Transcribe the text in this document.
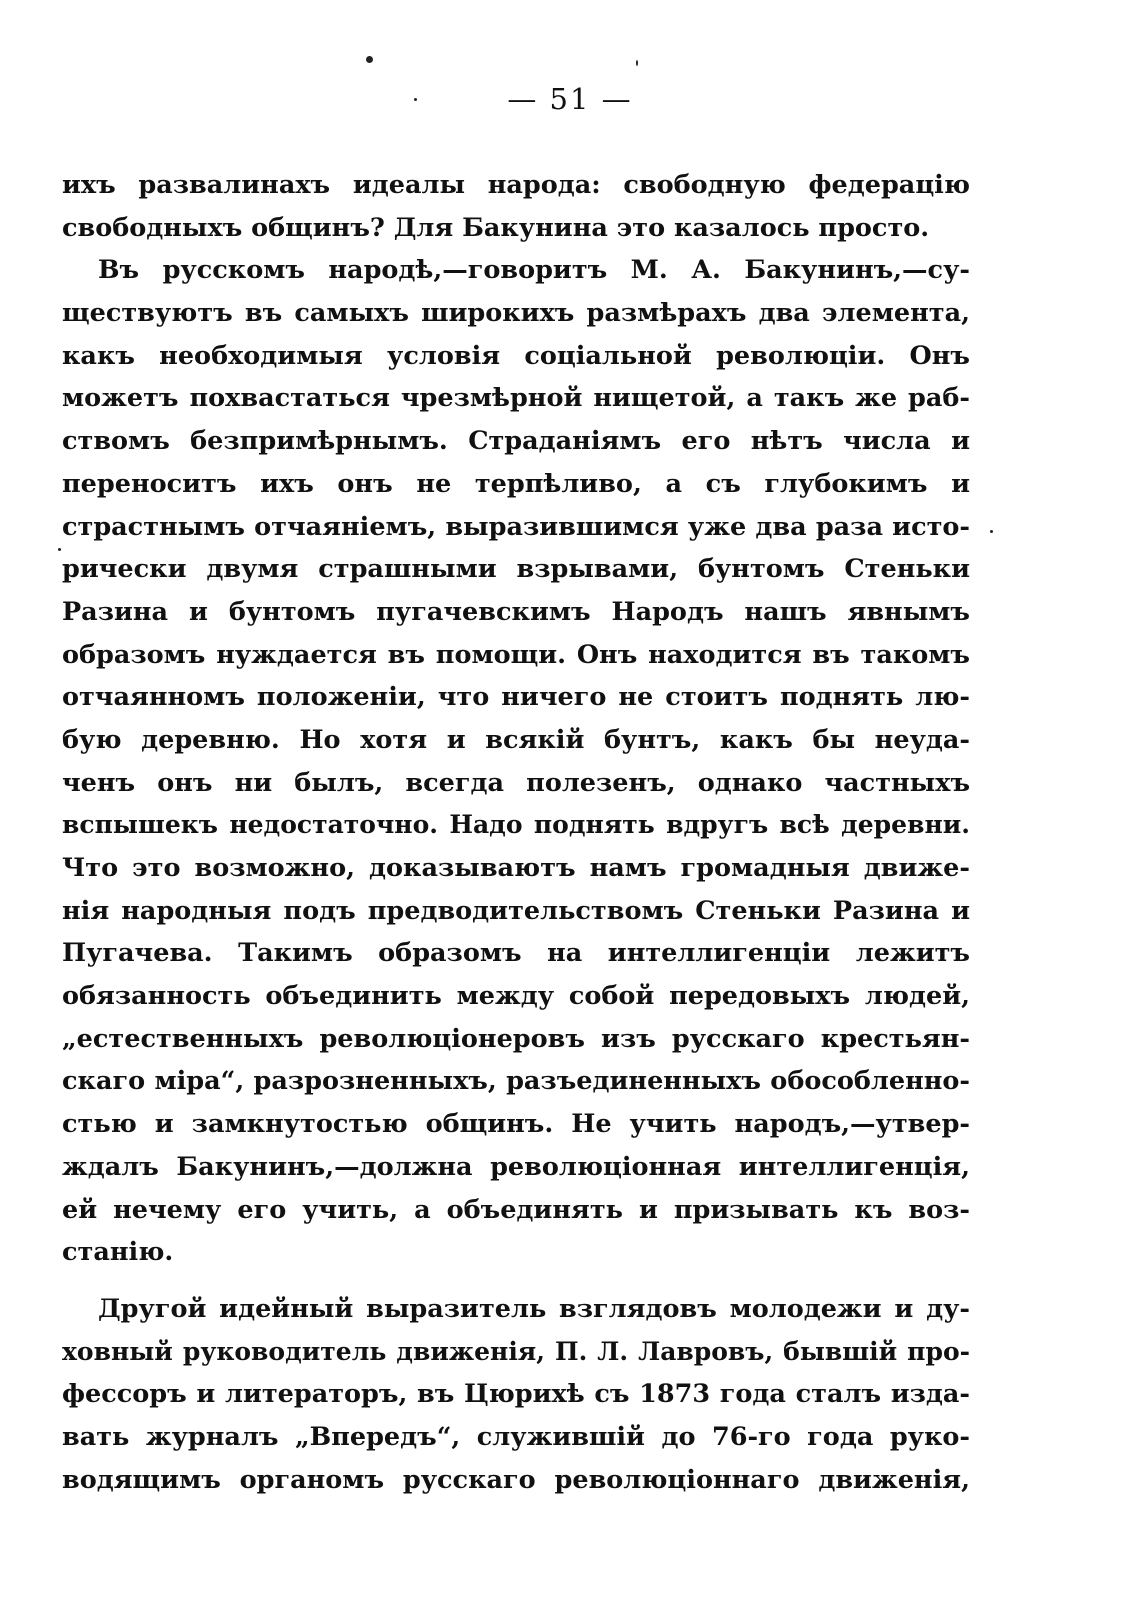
— 51 —
ихъ развалинахъ идеалы народа: свободную федерацію
свободныхъ общинъ? Для Бакунина это казалось просто.
Въ русскомъ народѣ,—говоритъ М. А. Бакунинъ,—су-
ществуютъ въ самыхъ широкихъ размѣрахъ два элемента,
какъ необходимыя условія соціальной революціи. Онъ
можетъ похвастаться чрезмѣрной нищетой, а такъ же раб-
ствомъ безпримѣрнымъ. Страданіямъ его нѣтъ числа и
переноситъ ихъ онъ не терпѣливо, а съ глубокимъ и
страстнымъ отчаяніемъ, выразившимся уже два раза исто-
рически двумя страшными взрывами, бунтомъ Стеньки
Разина и бунтомъ пугачевскимъ Народъ нашъ явнымъ
образомъ нуждается въ помощи. Онъ находится въ такомъ
отчаянномъ положеніи, что ничего не стоитъ поднять лю-
бую деревню. Но хотя и всякій бунтъ, какъ бы неуда-
ченъ онъ ни былъ, всегда полезенъ, однако частныхъ
вспышекъ недостаточно. Надо поднять вдругъ всѣ деревни.
Что это возможно, доказываютъ намъ громадныя движе-
нія народныя подъ предводительствомъ Стеньки Разина и
Пугачева. Такимъ образомъ на интеллигенціи лежитъ
обязанность объединить между собой передовыхъ людей,
„естественныхъ революціонеровъ изъ русскаго крестьян-
скаго міра“, разрозненныхъ, разъединенныхъ обособленно-
стью и замкнутостью общинъ. Не учить народъ,—утвер-
ждалъ Бакунинъ,—должна революціонная интеллигенція,
ей нечему его учить, а объединять и призывать къ воз-
станію.
Другой идейный выразитель взглядовъ молодежи и ду-
ховный руководитель движенія, П. Л. Лавровъ, бывшій про-
фессоръ и литераторъ, въ Цюрихѣ съ 1873 года сталъ изда-
вать журналъ „Впередъ“, служившій до 76-го года руко-
водящимъ органомъ русскаго революціоннаго движенія,
